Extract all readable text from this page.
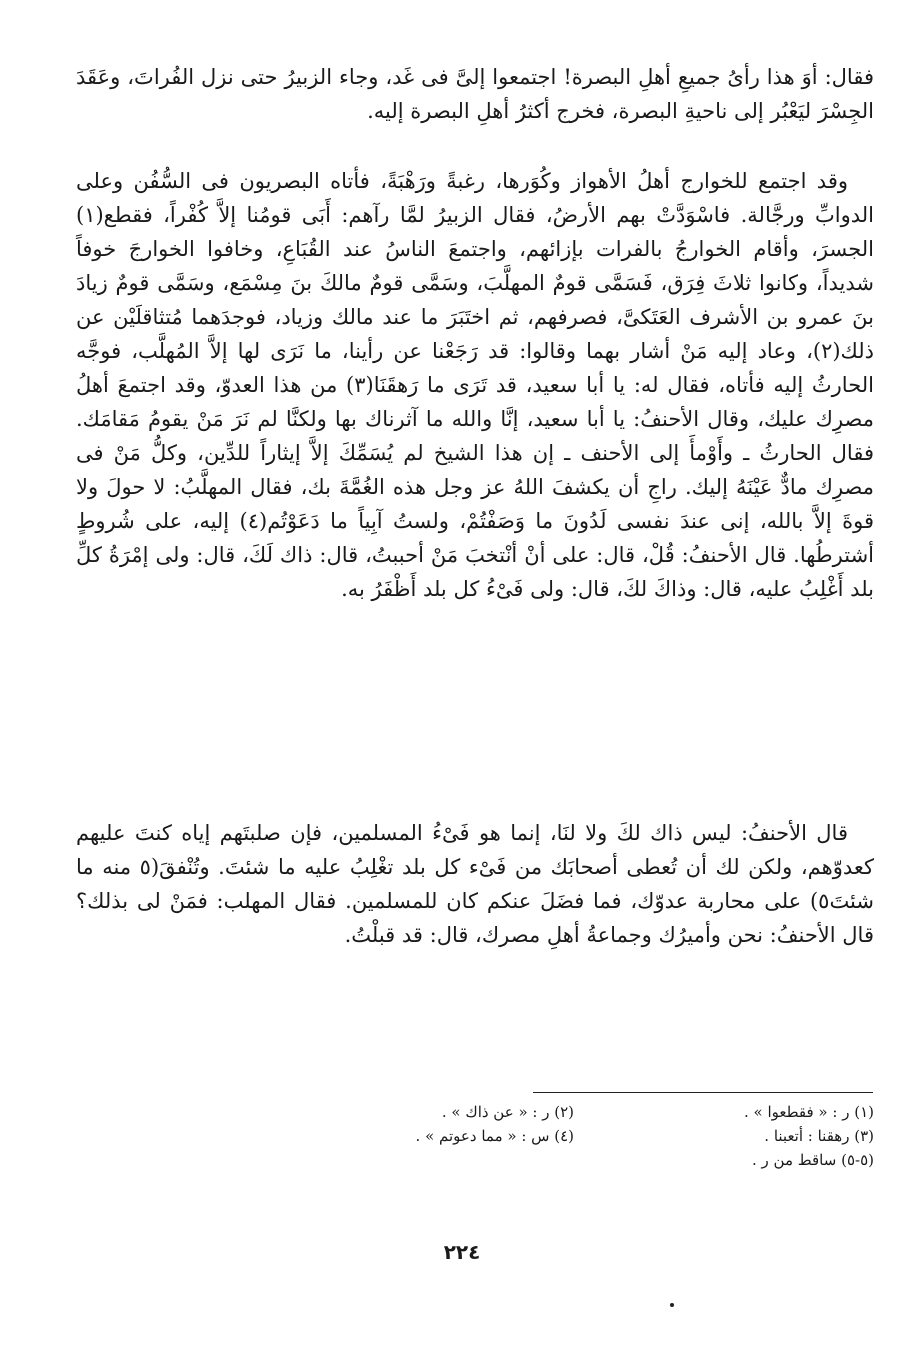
فقال: أوَ هذا رأىُ جميعِ أهلِ البصرة! اجتمعوا إلىَّ فى غَد، وجاء الزبيرُ حتى نزل الفُراتَ، وعَقَدَ الجِسْرَ ليَعْبُر إلى ناحيةِ البصرة، فخرج أكثرُ أهلِ البصرة إليه.

وقد اجتمع للخوارج أهلُ الأهواز وكُوَرها، رغبةً ورَهْبَةً، فأتاه البصريون فى السُّفُن وعلى الدوابِّ ورجَّالة. فاسْوَدَّتْ بهم الأرضُ، فقال الزبيرُ لمَّا رآهم: أَبَى قومُنا إلاَّ كُفْراً، فقطع(١) الجسرَ، وأقام الخوارجُ بالفرات بإزائهم، واجتمعَ الناسُ عند القُبَاعِ، وخافوا الخوارجَ خوفاً شديداً، وكانوا ثلاثَ فِرَق، فَسَمَّى قومٌ المهلَّبَ، وسَمَّى قومٌ مالكَ بنَ مِسْمَع، وسَمَّى قومٌ زيادَ بنَ عمرو بن الأشرف العَتَكىَّ، فصرفهم، ثم اختَبَرَ ما عند مالك وزياد، فوجدَهما مُتثاقلَيْن عن ذلك(٢)، وعاد إليه مَنْ أشار بهما وقالوا: قد رَجَعْنا عن رأينا، ما نَرَى لها إلاَّ المُهلَّب، فوجَّه الحارثُ إليه فأتاه، فقال له: يا أبا سعيد، قد تَرَى ما رَهقَنَا(٣) من هذا العدوّ، وقد اجتمعَ أهلُ مصرِك عليك، وقال الأحنفُ: يا أبا سعيد، إنَّا والله ما آثرناك بها ولكنَّا لم نَرَ مَنْ يقومُ مَقامَك. فقال الحارثُ ـ وأَوْمأَ إلى الأحنف ـ إن هذا الشيخ لم يُسَمِّكَ إلاَّ إيثاراً للدِّين، وكلُّ مَنْ فى مصرِك مادٌّ عَيْنَهُ إليك. راجِ أن يكشفَ اللهُ عز وجل هذه الغُمَّةَ بك، فقال المهلَّبُ: لا حولَ ولا قوةَ إلاَّ بالله، إنى عندَ نفسى لَدُونَ ما وَصَفْتُمْ، ولستُ آبِياً ما دَعَوْتُم(٤) إليه، على شُروطٍ أشترطُها. قال الأحنفُ: قُلْ، قال: على أنْ أنْتخبَ مَنْ أحببتُ، قال: ذاك لَكَ، قال: ولى إمْرَةُ كلِّ بلد أَغْلِبُ عليه، قال: وذاكَ لكَ، قال: ولى فَىْءُ كل بلد أَظْفَرُ به.

قال الأحنفُ: ليس ذاك لكَ ولا لنَا، إنما هو فَىْءُ المسلمين، فإن صلبتَهم إياه كنتَ عليهم كعدوّهم، ولكن لك أن تُعطى أصحابَك من فَىْء كل بلد تغْلِبُ عليه ما شئتَ. وتُنْفقَ(٥ منه ما شئتَ٥) على محاربة عدوّك، فما فضَلَ عنكم كان للمسلمين. فقال المهلب: فمَنْ لى بذلك؟ قال الأحنفُ: نحن وأميرُك وجماعةُ أهلِ مصرك، قال: قد قبلْتُ.

(١) ر : « فقطعوا » .
(٢) ر : « عن ذاك » .
(٣) رهقنا : أتعبنا .
(٤) س : « مما دعوتم » .
(٥-٥) ساقط من ر .
٢٢٤
